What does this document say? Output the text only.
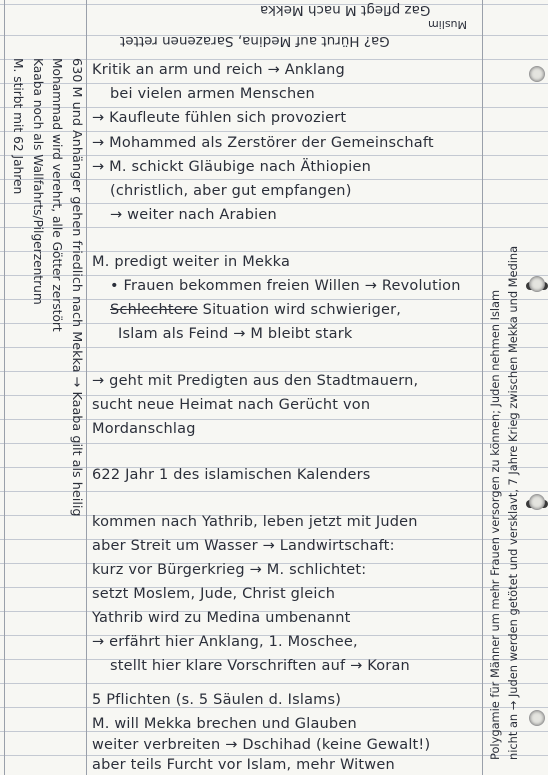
Gaz pflegt M nach Mekka
Muslim
Ga? Hürut auf Medina, Sarazenen rettet
630 M und Anhänger gehen friedlich nach Mekka → Kaaba gilt als heilig
Mohammad wird verehrt, alle Götter zerstört
Kaaba noch als Wallfahrts/Pilgerzentrum
M. stirbt mit 62 Jahren
Polygamie für Männer um mehr Frauen versorgen zu können; Juden nehmen Islam nicht an → Juden werden getötet und versklavt, 7 Jahre Krieg zwischen Mekka und Medina
Kritik an arm und reich → Anklang
bei vielen armen Menschen
→ Kaufleute fühlen sich provoziert
→ Mohammed als Zerstörer der Gemeinschaft
→ M. schickt Gläubige nach Äthiopien
(christlich, aber gut empfangen)
→ weiter nach Arabien
M. predigt weiter in Mekka
• Frauen bekommen freien Willen → Revolution
Schlechtere Situation wird schwieriger,
Islam als Feind → M bleibt stark
→ geht mit Predigten aus den Stadtmauern,
sucht neue Heimat nach Gerücht von
Mordanschlag
622 Jahr 1 des islamischen Kalenders
kommen nach Yathrib, leben jetzt mit Juden
aber Streit um Wasser → Landwirtschaft:
kurz vor Bürgerkrieg → M. schlichtet:
setzt Moslem, Jude, Christ gleich
Yathrib wird zu Medina umbenannt
→ erfährt hier Anklang, 1. Moschee,
stellt hier klare Vorschriften auf → Koran
5 Pflichten (s. 5 Säulen d. Islams)
M. will Mekka brechen und Glauben
weiter verbreiten → Dschihad (keine Gewalt!)
aber teils Furcht vor Islam, mehr Witwen
